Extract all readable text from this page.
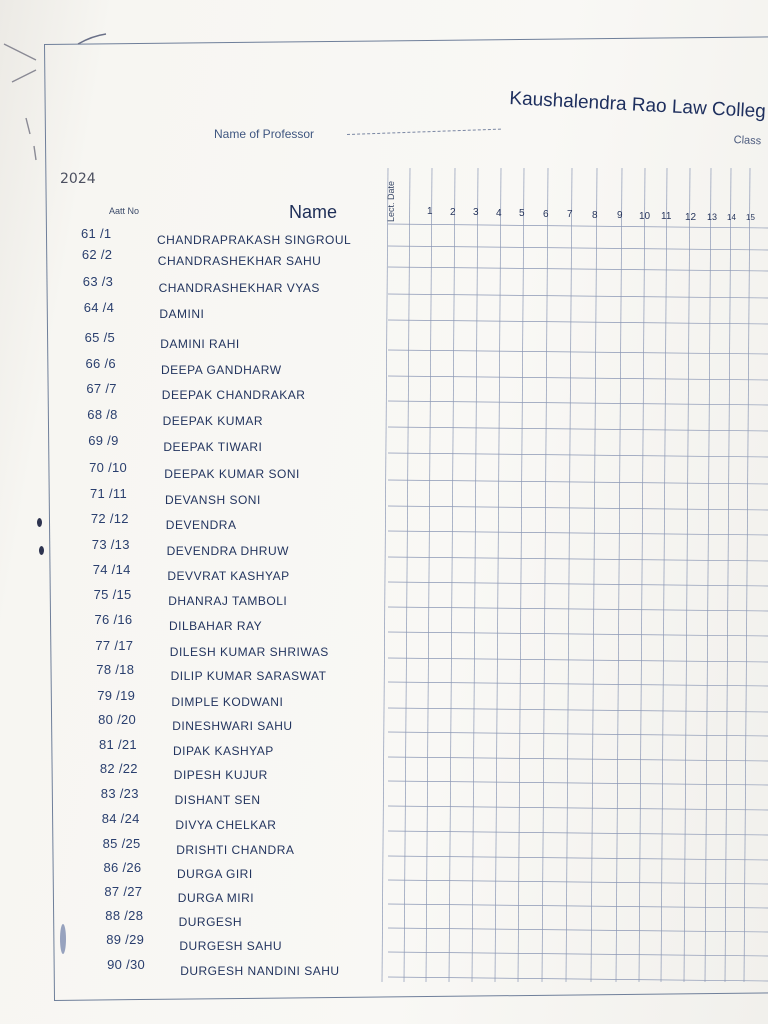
Kaushalendra Rao Law Colleg
Class
Name of Professor
2024
Aatt No	Name	Lect. Date	1 2 3 4 5 6 7 8 9 10 11 12 13 14 15
61 /1	CHANDRAPRAKASH SINGROUL
62 /2	CHANDRASHEKHAR SAHU
63 /3	CHANDRASHEKHAR VYAS
64 /4	DAMINI
65 /5	DAMINI RAHI
66 /6	DEEPA GANDHARW
67 /7	DEEPAK CHANDRAKAR
68 /8	DEEPAK KUMAR
69 /9	DEEPAK TIWARI
70 /10	DEEPAK KUMAR SONI
71 /11	DEVANSH SONI
72 /12	DEVENDRA
73 /13	DEVENDRA DHRUW
74 /14	DEVVRAT KASHYAP
75 /15	DHANRAJ TAMBOLI
76 /16	DILBAHAR RAY
77 /17	DILESH KUMAR SHRIWAS
78 /18	DILIP KUMAR SARASWAT
79 /19	DIMPLE KODWANI
80 /20	DINESHWARI SAHU
81 /21	DIPAK KASHYAP
82 /22	DIPESH KUJUR
83 /23	DISHANT SEN
84 /24	DIVYA CHELKAR
85 /25	DRISHTI CHANDRA
86 /26	DURGA GIRI
87 /27	DURGA MIRI
88 /28	DURGESH
89 /29	DURGESH SAHU
90 /30	DURGESH NANDINI SAHU
